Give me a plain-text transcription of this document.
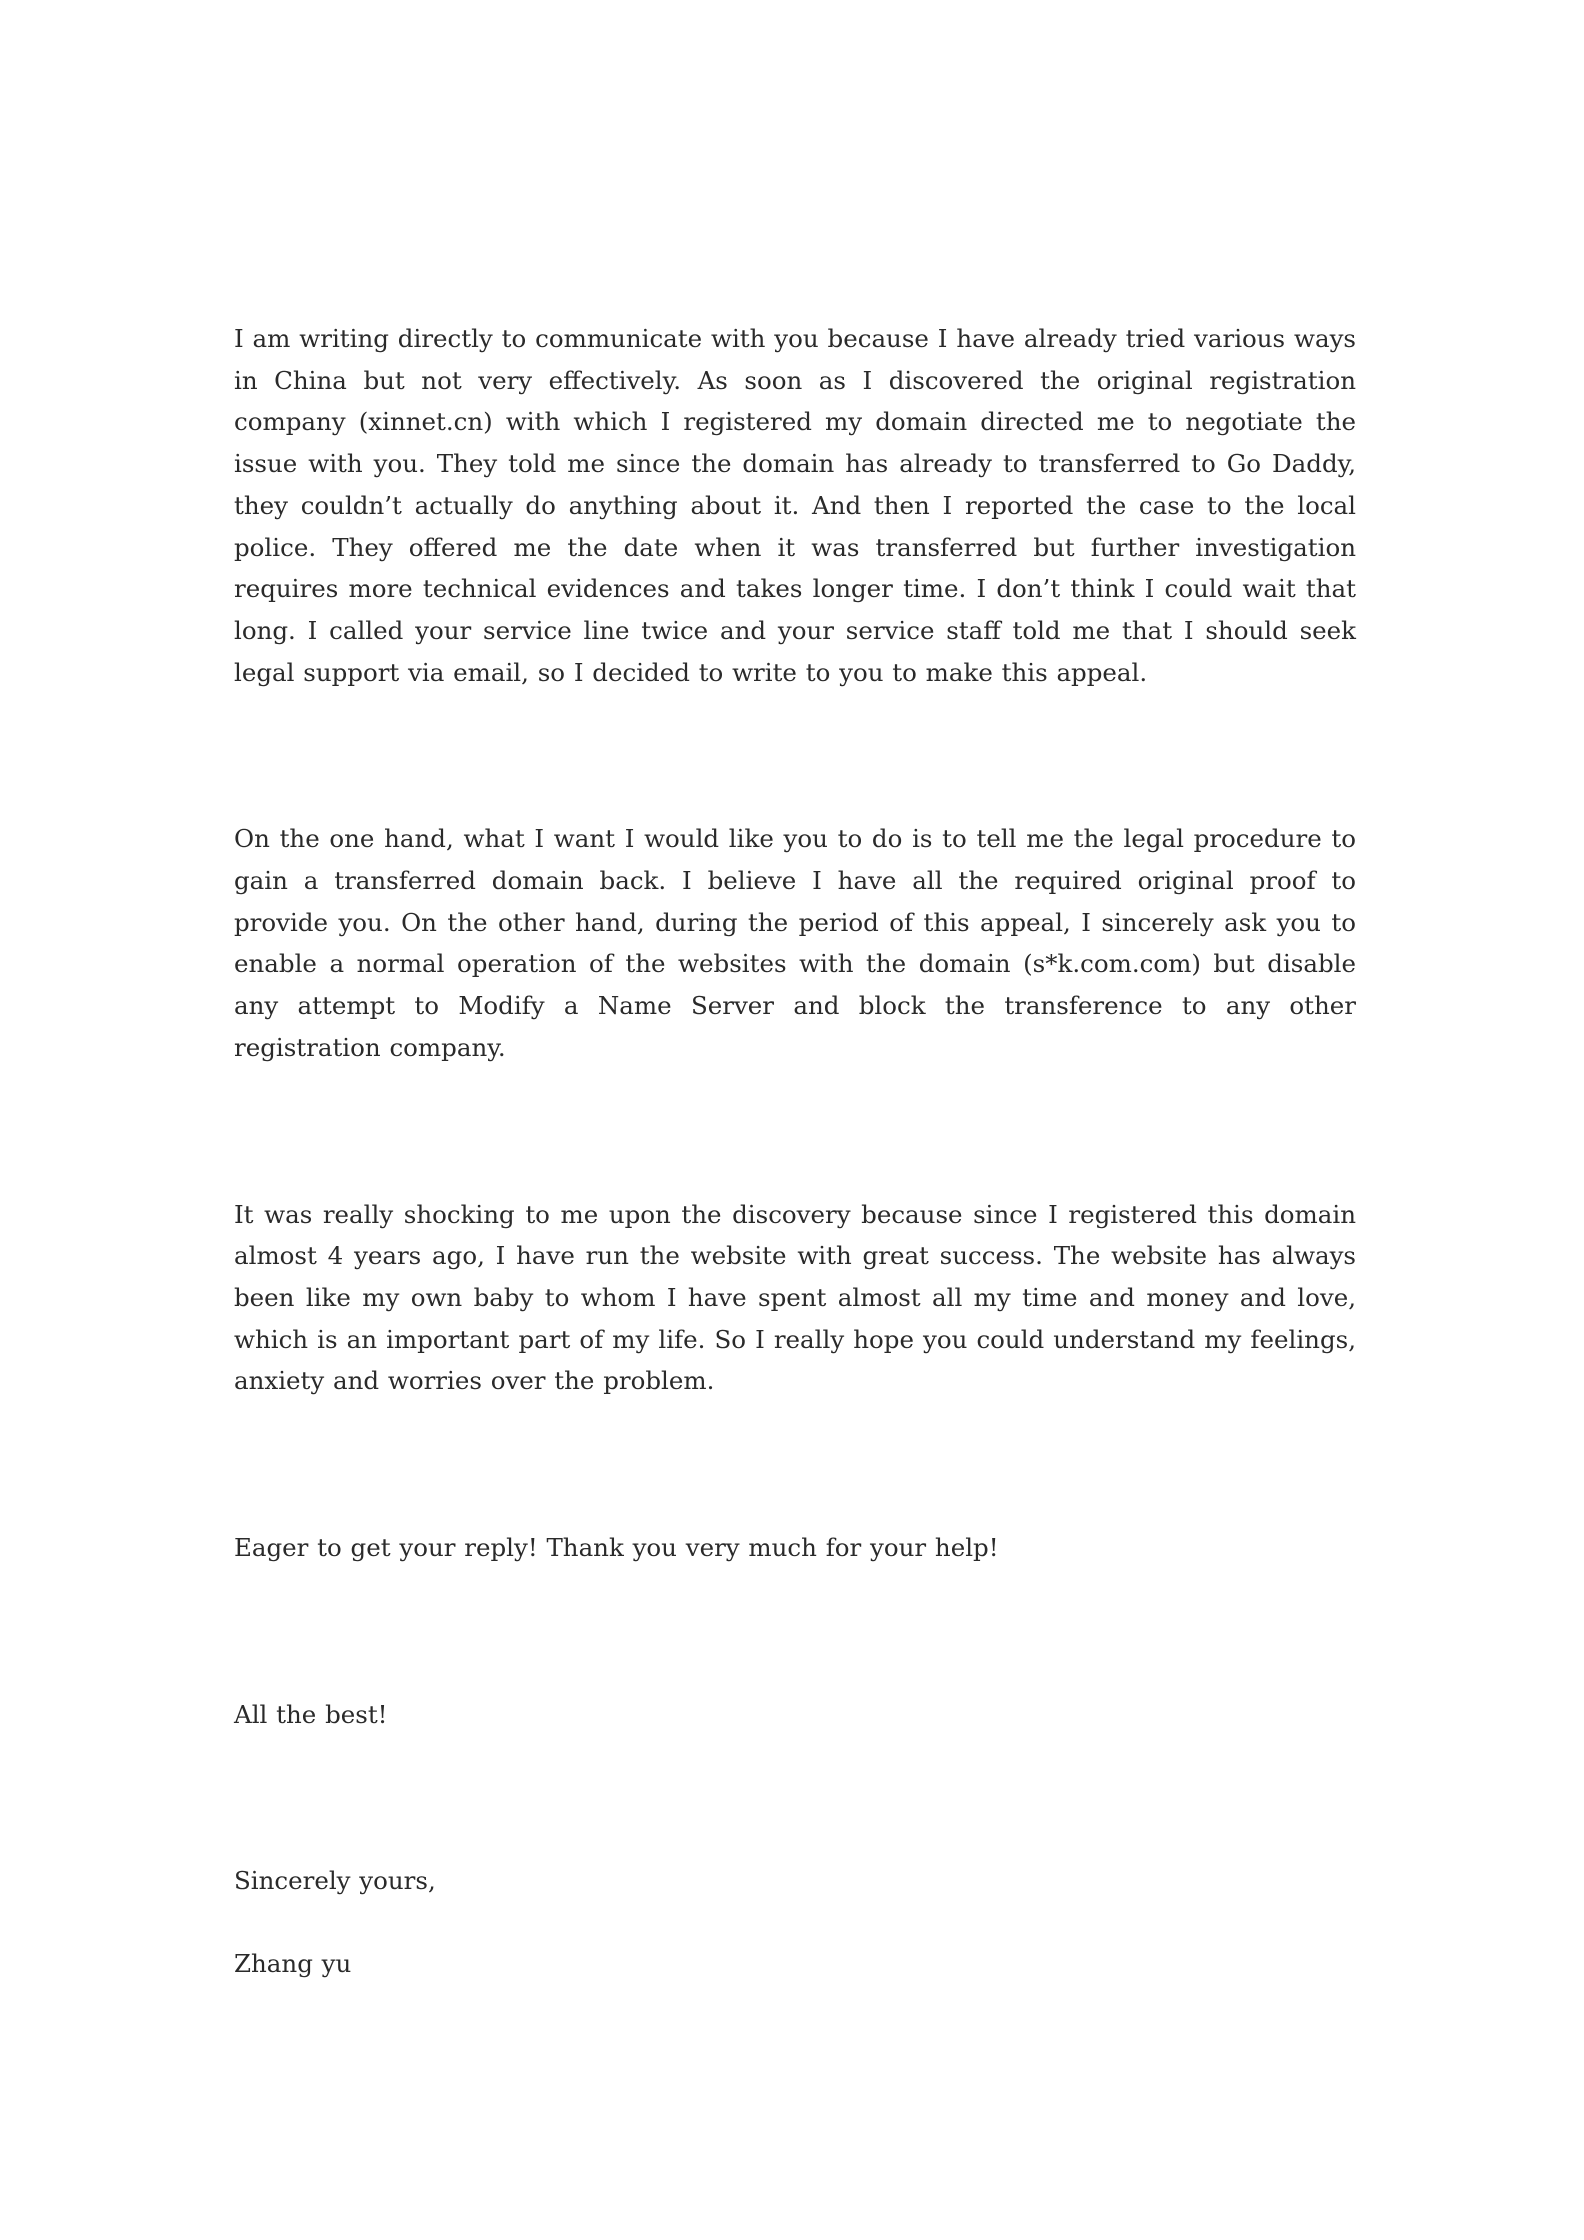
I am writing directly to communicate with you because I have already tried various ways in China but not very effectively. As soon as I discovered the original registration company (xinnet.cn) with which I registered my domain directed me to negotiate the issue with you. They told me since the domain has already to transferred to Go Daddy, they couldn’t actually do anything about it. And then I reported the case to the local police. They offered me the date when it was transferred but further investigation requires more technical evidences and takes longer time. I don’t think I could wait that long. I called your service line twice and your service staff told me that I should seek legal support via email, so I decided to write to you to make this appeal.

On the one hand, what I want I would like you to do is to tell me the legal procedure to gain a transferred domain back. I believe I have all the required original proof to provide you. On the other hand, during the period of this appeal, I sincerely ask you to enable a normal operation of the websites with the domain (s*k.com.com) but disable any attempt to Modify a Name Server and block the transference to any other registration company.

It was really shocking to me upon the discovery because since I registered this domain almost 4 years ago, I have run the website with great success. The website has always been like my own baby to whom I have spent almost all my time and money and love, which is an important part of my life. So I really hope you could understand my feelings, anxiety and worries over the problem.

Eager to get your reply! Thank you very much for your help!

All the best!

Sincerely yours,

Zhang yu
